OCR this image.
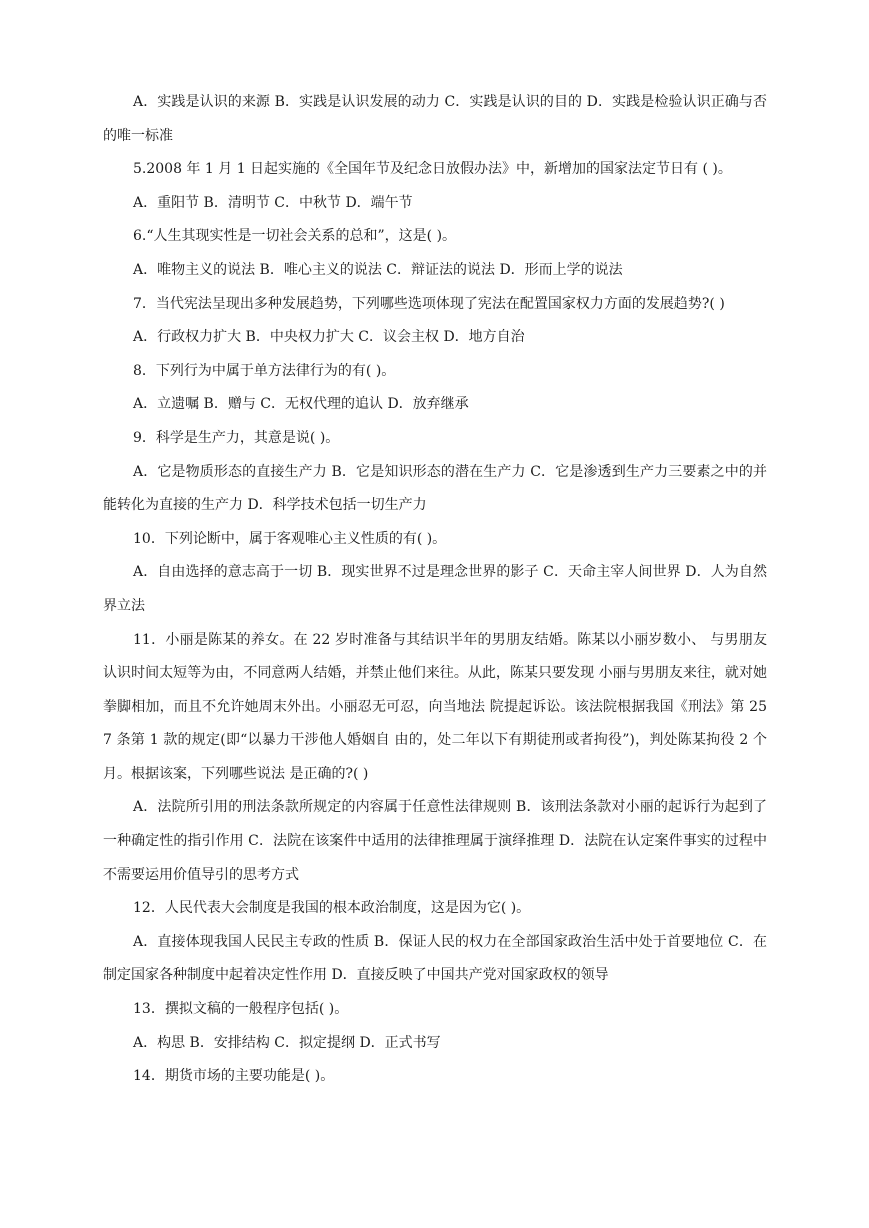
A．实践是认识的来源 B．实践是认识发展的动力 C．实践是认识的目的 D．实践是检验认识正确与否的唯一标准

5.2008 年 1 月 1 日起实施的《全国年节及纪念日放假办法》中，新增加的国家法定节日有 ( )。

A．重阳节 B．清明节 C．中秋节 D．端午节

6.“人生其现实性是一切社会关系的总和”，这是( )。

A．唯物主义的说法 B．唯心主义的说法 C．辩证法的说法 D．形而上学的说法

7．当代宪法呈现出多种发展趋势，下列哪些选项体现了宪法在配置国家权力方面的发展趋势?( )

A．行政权力扩大 B．中央权力扩大 C．议会主权 D．地方自治

8．下列行为中属于单方法律行为的有( )。

A．立遗嘱 B．赠与 C．无权代理的追认 D．放弃继承

9．科学是生产力，其意是说( )。

A．它是物质形态的直接生产力 B．它是知识形态的潜在生产力 C．它是渗透到生产力三要素之中的并能转化为直接的生产力 D．科学技术包括一切生产力

10．下列论断中，属于客观唯心主义性质的有( )。

A．自由选择的意志高于一切 B．现实世界不过是理念世界的影子 C．天命主宰人间世界 D．人为自然界立法

11．小丽是陈某的养女。在 22 岁时准备与其结识半年的男朋友结婚。陈某以小丽岁数小、 与男朋友认识时间太短等为由，不同意两人结婚，并禁止他们来往。从此，陈某只要发现 小丽与男朋友来往，就对她拳脚相加，而且不允许她周末外出。小丽忍无可忍，向当地法 院提起诉讼。该法院根据我国《刑法》第 257 条第 1 款的规定(即“以暴力干涉他人婚姻自 由的，处二年以下有期徒刑或者拘役”)，判处陈某拘役 2 个月。根据该案，下列哪些说法 是正确的?( )

A．法院所引用的刑法条款所规定的内容属于任意性法律规则 B．该刑法条款对小丽的起诉行为起到了一种确定性的指引作用 C．法院在该案件中适用的法律推理属于演绎推理 D．法院在认定案件事实的过程中不需要运用价值导引的思考方式

12．人民代表大会制度是我国的根本政治制度，这是因为它( )。

A．直接体现我国人民民主专政的性质 B．保证人民的权力在全部国家政治生活中处于首要地位 C．在制定国家各种制度中起着决定性作用 D．直接反映了中国共产党对国家政权的领导

13．撰拟文稿的一般程序包括( )。

A．构思 B．安排结构 C．拟定提纲 D．正式书写

14．期货市场的主要功能是( )。
